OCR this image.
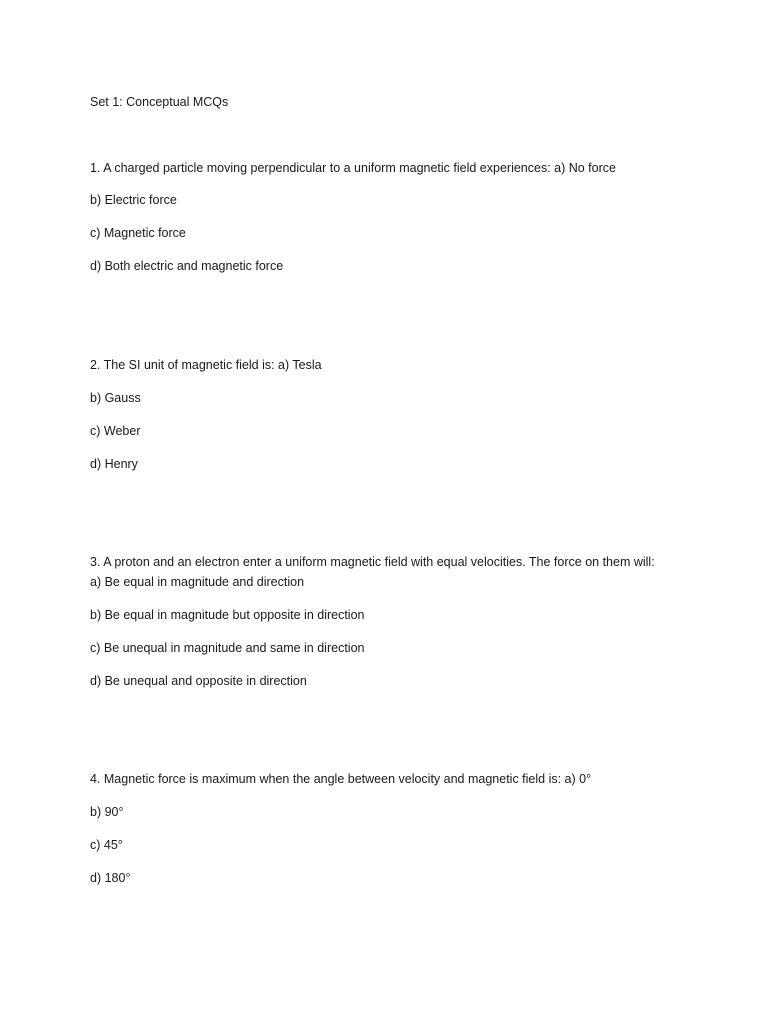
Set 1: Conceptual MCQs
1. A charged particle moving perpendicular to a uniform magnetic field experiences: a) No force
b) Electric force
c) Magnetic force
d) Both electric and magnetic force
2. The SI unit of magnetic field is: a) Tesla
b) Gauss
c) Weber
d) Henry
3. A proton and an electron enter a uniform magnetic field with equal velocities. The force on them will:
a) Be equal in magnitude and direction
b) Be equal in magnitude but opposite in direction
c) Be unequal in magnitude and same in direction
d) Be unequal and opposite in direction
4. Magnetic force is maximum when the angle between velocity and magnetic field is: a) 0°
b) 90°
c) 45°
d) 180°
